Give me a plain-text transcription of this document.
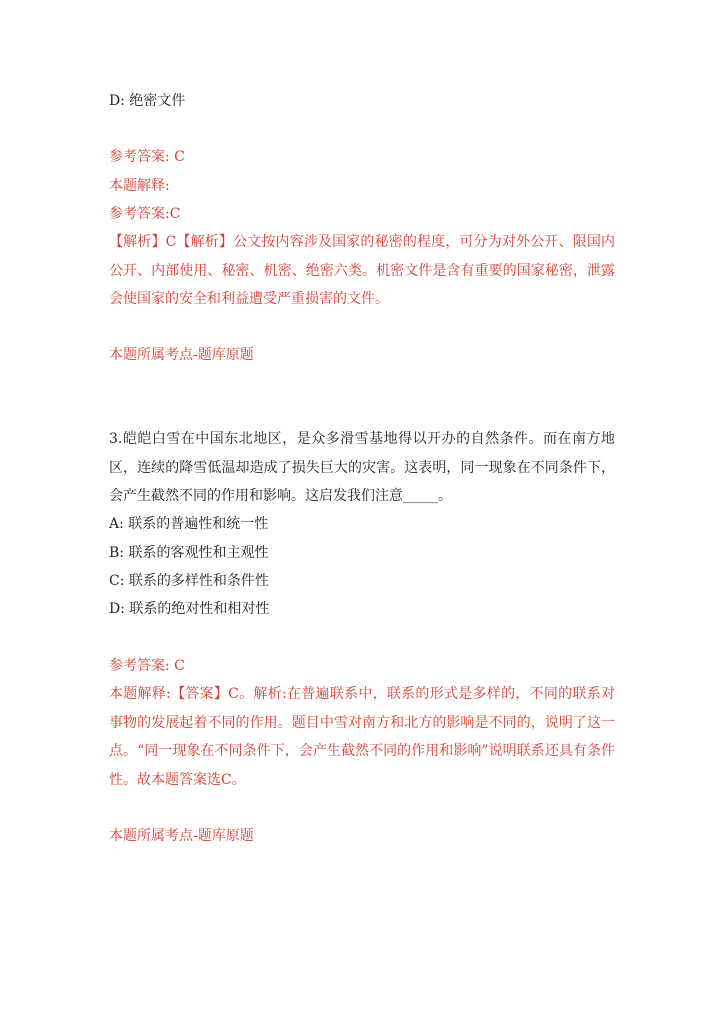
D: 绝密文件

参考答案: C

本题解释:

参考答案:C

【解析】C【解析】公文按内容涉及国家的秘密的程度，可分为对外公开、限国内公开、内部使用、秘密、机密、绝密六类。机密文件是含有重要的国家秘密，泄露会使国家的安全和利益遭受严重损害的文件。

本题所属考点-题库原题

3.皑皑白雪在中国东北地区，是众多滑雪基地得以开办的自然条件。而在南方地区，连续的降雪低温却造成了损失巨大的灾害。这表明，同一现象在不同条件下，会产生截然不同的作用和影响。这启发我们注意_____。

A: 联系的普遍性和统一性

B: 联系的客观性和主观性

C: 联系的多样性和条件性

D: 联系的绝对性和相对性

参考答案: C

本题解释:【答案】C。解析:在普遍联系中，联系的形式是多样的，不同的联系对事物的发展起着不同的作用。题目中雪对南方和北方的影响是不同的，说明了这一点。“同一现象在不同条件下，会产生截然不同的作用和影响”说明联系还具有条件性。故本题答案选C。

本题所属考点-题库原题
